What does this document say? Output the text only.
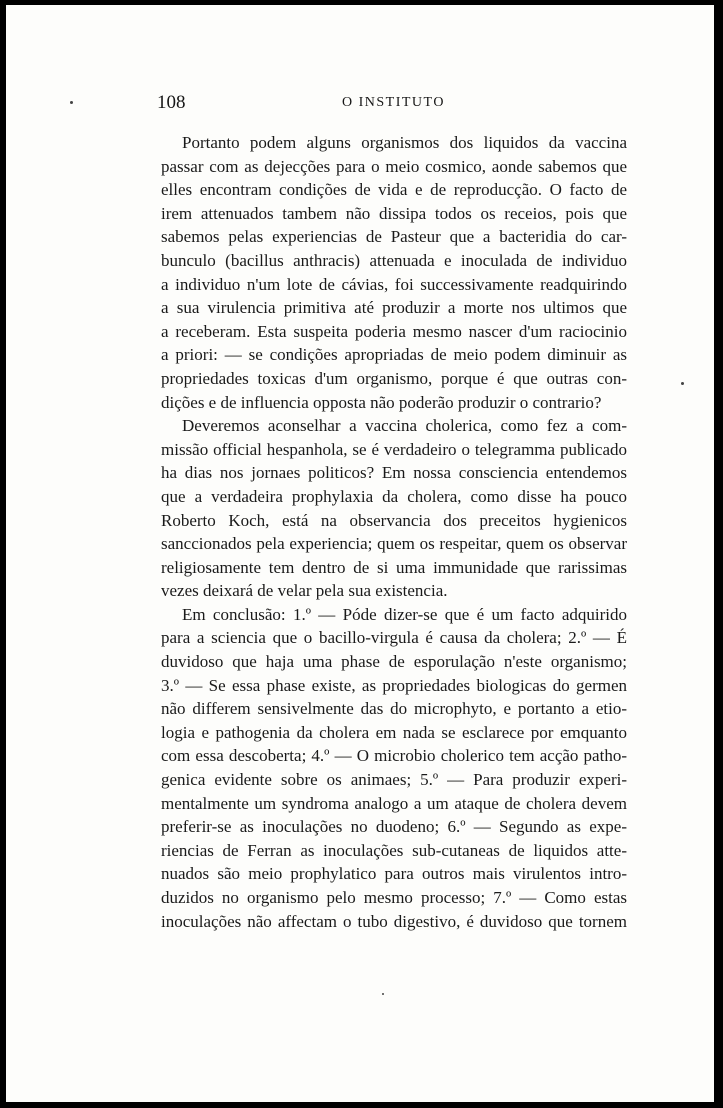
108	O INSTITUTO
Portanto podem alguns organismos dos liquidos da vaccina
passar com as dejecções para o meio cosmico, aonde sabemos que
elles encontram condições de vida e de reproducção. O facto de
irem attenuados tambem não dissipa todos os receios, pois que
sabemos pelas experiencias de Pasteur que a bacteridia do car-
bunculo (bacillus anthracis) attenuada e inoculada de individuo
a individuo n'um lote de cávias, foi successivamente readquirindo
a sua virulencia primitiva até produzir a morte nos ultimos que
a receberam. Esta suspeita poderia mesmo nascer d'um raciocinio
a priori: — se condições apropriadas de meio podem diminuir as
propriedades toxicas d'um organismo, porque é que outras con-
dições e de influencia opposta não poderão produzir o contrario?
Deveremos aconselhar a vaccina cholerica, como fez a com-
missão official hespanhola, se é verdadeiro o telegramma publicado
ha dias nos jornaes politicos? Em nossa consciencia entendemos
que a verdadeira prophylaxia da cholera, como disse ha pouco
Roberto Koch, está na observancia dos preceitos hygienicos
sanccionados pela experiencia; quem os respeitar, quem os observar
religiosamente tem dentro de si uma immunidade que rarissimas
vezes deixará de velar pela sua existencia.
Em conclusão: 1.º — Póde dizer-se que é um facto adquirido
para a sciencia que o bacillo-virgula é causa da cholera; 2.º — É
duvidoso que haja uma phase de esporulação n'este organismo;
3.º — Se essa phase existe, as propriedades biologicas do germen
não differem sensivelmente das do microphyto, e portanto a etio-
logia e pathogenia da cholera em nada se esclarece por emquanto
com essa descoberta; 4.º — O microbio cholerico tem acção patho-
genica evidente sobre os animaes; 5.º — Para produzir experi-
mentalmente um syndroma analogo a um ataque de cholera devem
preferir-se as inoculações no duodeno; 6.º — Segundo as expe-
riencias de Ferran as inoculações sub-cutaneas de liquidos atte-
nuados são meio prophylatico para outros mais virulentos intro-
duzidos no organismo pelo mesmo processo; 7.º — Como estas
inoculações não affectam o tubo digestivo, é duvidoso que tornem
